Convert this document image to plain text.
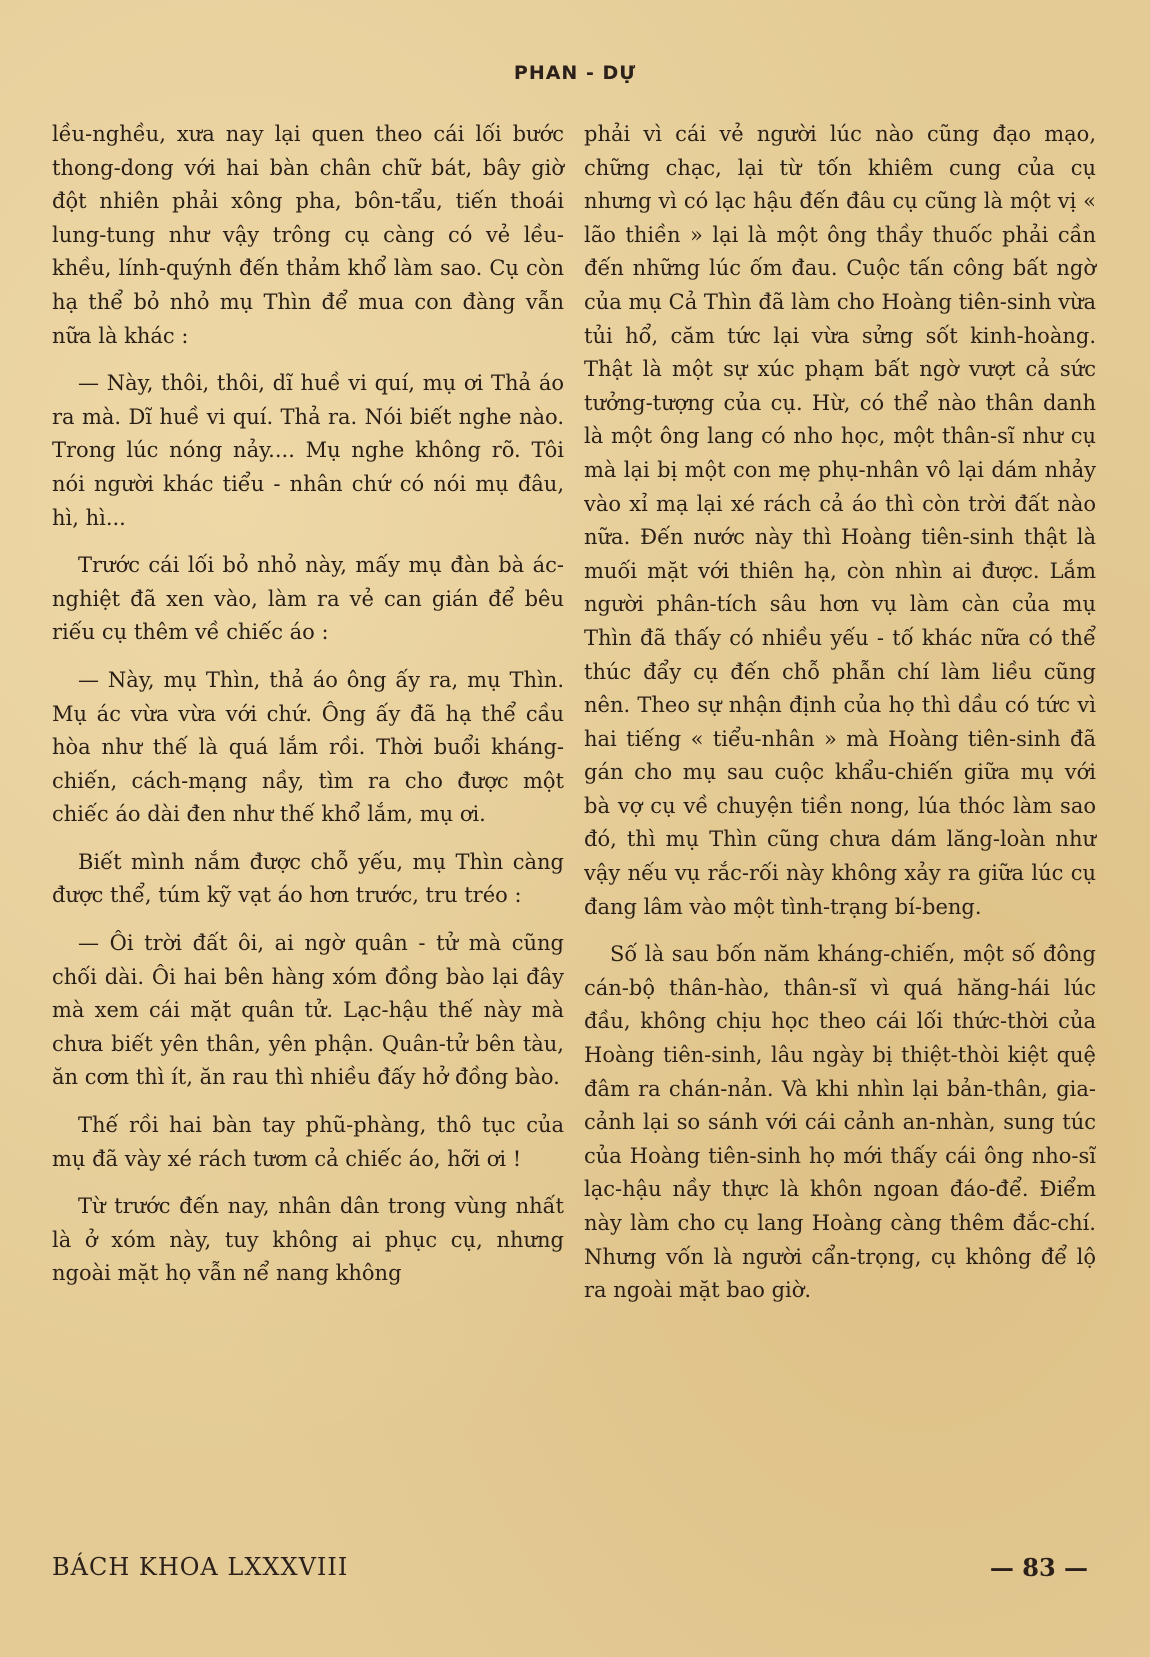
PHAN - DỰ

lều-nghều, xưa nay lại quen theo cái lối bước thong-dong với hai bàn chân chữ bát, bây giờ đột nhiên phải xông pha, bôn-tẩu, tiến thoái lung-tung như vậy trông cụ càng có vẻ lều-khều, lính-quýnh đến thảm khổ làm sao. Cụ còn hạ thể bỏ nhỏ mụ Thìn để mua con đàng vẫn nữa là khác :

— Này, thôi, thôi, dĩ huề vi quí, mụ ơi Thả áo ra mà. Dĩ huề vi quí. Thả ra. Nói biết nghe nào. Trong lúc nóng nảy.... Mụ nghe không rõ. Tôi nói người khác tiểu - nhân chứ có nói mụ đâu, hì, hì...

Trước cái lối bỏ nhỏ này, mấy mụ đàn bà ác-nghiệt đã xen vào, làm ra vẻ can gián để bêu riếu cụ thêm về chiếc áo :

— Này, mụ Thìn, thả áo ông ấy ra, mụ Thìn. Mụ ác vừa vừa với chứ. Ông ấy đã hạ thể cầu hòa như thế là quá lắm rồi. Thời buổi kháng-chiến, cách-mạng nầy, tìm ra cho được một chiếc áo dài đen như thế khổ lắm, mụ ơi.

Biết mình nắm được chỗ yếu, mụ Thìn càng được thể, túm kỹ vạt áo hơn trước, tru tréo :

— Ôi trời đất ôi, ai ngờ quân - tử mà cũng chối dài. Ôi hai bên hàng xóm đồng bào lại đây mà xem cái mặt quân tử. Lạc-hậu thế này mà chưa biết yên thân, yên phận. Quân-tử bên tàu, ăn cơm thì ít, ăn rau thì nhiều đấy hở đồng bào.

Thế rồi hai bàn tay phũ-phàng, thô tục của mụ đã vày xé rách tươm cả chiếc áo, hỡi ơi !

Từ trước đến nay, nhân dân trong vùng nhất là ở xóm này, tuy không ai phục cụ, nhưng ngoài mặt họ vẫn nể nang không

phải vì cái vẻ người lúc nào cũng đạo mạo, chững chạc, lại từ tốn khiêm cung của cụ nhưng vì có lạc hậu đến đâu cụ cũng là một vị « lão thiền » lại là một ông thầy thuốc phải cần đến những lúc ốm đau. Cuộc tấn công bất ngờ của mụ Cả Thìn đã làm cho Hoàng tiên-sinh vừa tủi hổ, căm tức lại vừa sửng sốt kinh-hoàng. Thật là một sự xúc phạm bất ngờ vượt cả sức tưởng-tượng của cụ. Hừ, có thể nào thân danh là một ông lang có nho học, một thân-sĩ như cụ mà lại bị một con mẹ phụ-nhân vô lại dám nhảy vào xỉ mạ lại xé rách cả áo thì còn trời đất nào nữa. Đến nước này thì Hoàng tiên-sinh thật là muối mặt với thiên hạ, còn nhìn ai được. Lắm người phân-tích sâu hơn vụ làm càn của mụ Thìn đã thấy có nhiều yếu - tố khác nữa có thể thúc đẩy cụ đến chỗ phẫn chí làm liều cũng nên. Theo sự nhận định của họ thì dầu có tức vì hai tiếng « tiểu-nhân » mà Hoàng tiên-sinh đã gán cho mụ sau cuộc khẩu-chiến giữa mụ với bà vợ cụ về chuyện tiền nong, lúa thóc làm sao đó, thì mụ Thìn cũng chưa dám lăng-loàn như vậy nếu vụ rắc-rối này không xảy ra giữa lúc cụ đang lâm vào một tình-trạng bí-beng.

Số là sau bốn năm kháng-chiến, một số đông cán-bộ thân-hào, thân-sĩ vì quá hăng-hái lúc đầu, không chịu học theo cái lối thức-thời của Hoàng tiên-sinh, lâu ngày bị thiệt-thòi kiệt quệ đâm ra chán-nản. Và khi nhìn lại bản-thân, gia-cảnh lại so sánh với cái cảnh an-nhàn, sung túc của Hoàng tiên-sinh họ mới thấy cái ông nho-sĩ lạc-hậu nầy thực là khôn ngoan đáo-để. Điểm này làm cho cụ lang Hoàng càng thêm đắc-chí. Nhưng vốn là người cẩn-trọng, cụ không để lộ ra ngoài mặt bao giờ.

BÁCH KHOA LXXXVIII	— 83 —
